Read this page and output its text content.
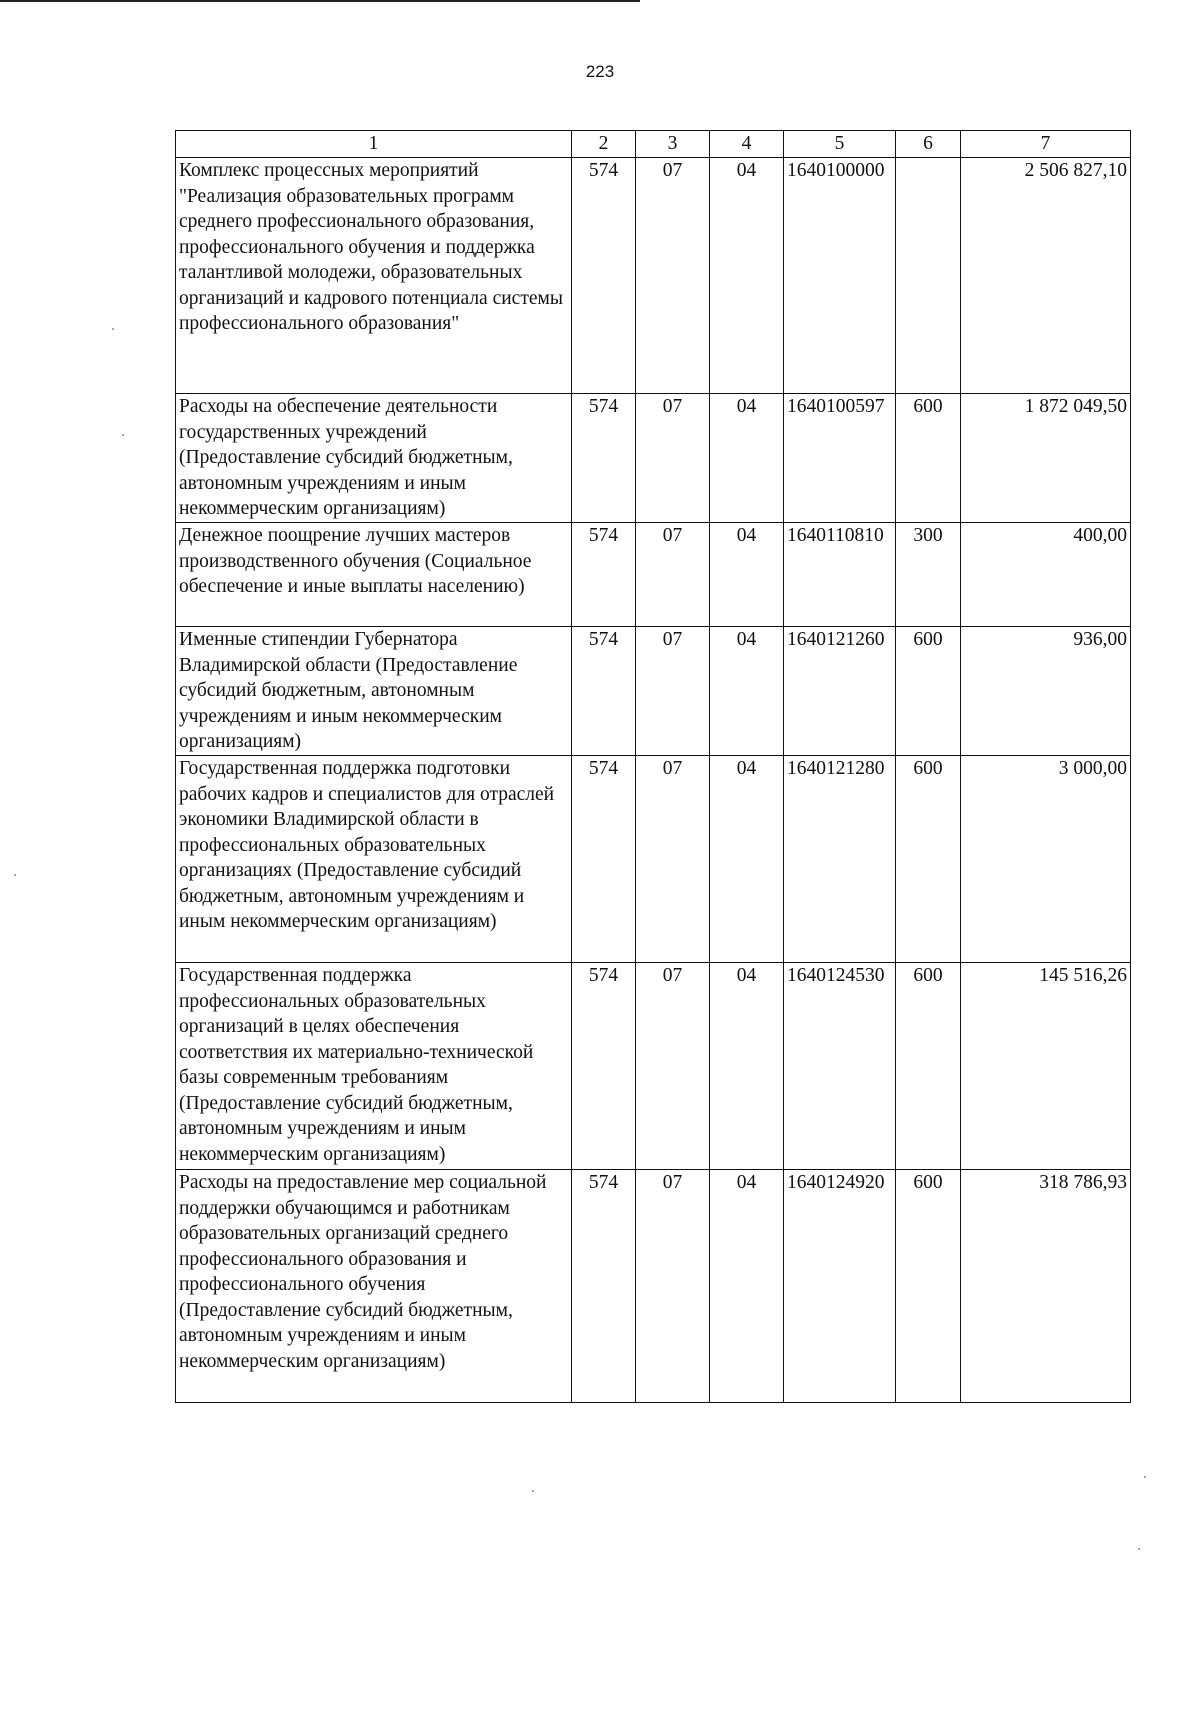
223
1	2	3	4	5	6	7
Комплекс процессных мероприятий "Реализация образовательных программ среднего профессионального образования, профессионального обучения и поддержка талантливой молодежи, образовательных организаций и кадрового потенциала системы профессионального образования"	574	07	04	1640100000		2 506 827,10
Расходы на обеспечение деятельности государственных учреждений (Предоставление субсидий бюджетным, автономным учреждениям и иным некоммерческим организациям)	574	07	04	1640100597	600	1 872 049,50
Денежное поощрение лучших мастеров производственного обучения (Социальное обеспечение и иные выплаты населению)	574	07	04	1640110810	300	400,00
Именные стипендии Губернатора Владимирской области (Предоставление субсидий бюджетным, автономным учреждениям и иным некоммерческим организациям)	574	07	04	1640121260	600	936,00
Государственная поддержка подготовки рабочих кадров и специалистов для отраслей экономики Владимирской области в профессиональных образовательных организациях (Предоставление субсидий бюджетным, автономным учреждениям и иным некоммерческим организациям)	574	07	04	1640121280	600	3 000,00
Государственная поддержка профессиональных образовательных организаций в целях обеспечения соответствия их материально-технической базы современным требованиям (Предоставление субсидий бюджетным, автономным учреждениям и иным некоммерческим организациям)	574	07	04	1640124530	600	145 516,26
Расходы на предоставление мер социальной поддержки обучающимся и работникам образовательных организаций среднего профессионального образования и профессионального обучения (Предоставление субсидий бюджетным, автономным учреждениям и иным некоммерческим организациям)	574	07	04	1640124920	600	318 786,93
